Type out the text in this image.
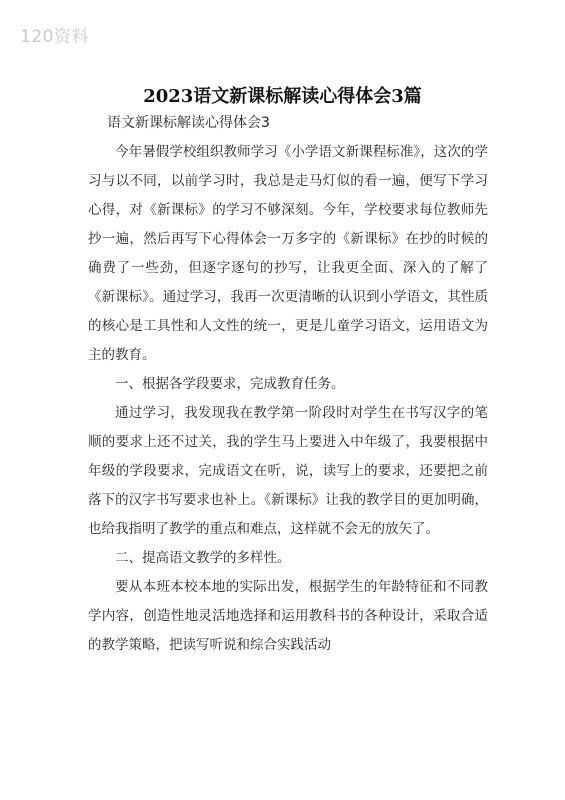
120资料
2023语文新课标解读心得体会3篇
语文新课标解读心得体会3

今年暑假学校组织教师学习《小学语文新课程标准》，这次的学习与以不同，以前学习时，我总是走马灯似的看一遍，便写下学习心得，对《新课标》的学习不够深刻。今年，学校要求每位教师先抄一遍，然后再写下心得体会一万多字的《新课标》在抄的时候的确费了一些劲，但逐字逐句的抄写，让我更全面、深入的了解了《新课标》。通过学习，我再一次更清晰的认识到小学语文，其性质的核心是工具性和人文性的统一，更是儿童学习语文，运用语文为主的教育。

一、根据各学段要求，完成教育任务。

通过学习，我发现我在教学第一阶段时对学生在书写汉字的笔顺的要求上还不过关，我的学生马上要进入中年级了，我要根据中年级的学段要求，完成语文在听，说，读写上的要求，还要把之前落下的汉字书写要求也补上。《新课标》让我的教学目的更加明确，也给我指明了教学的重点和难点，这样就不会无的放矢了。

二、提高语文教学的多样性。

要从本班本校本地的实际出发，根据学生的年龄特征和不同教学内容，创造性地灵活地选择和运用教科书的各种设计，采取合适的教学策略，把读写听说和综合实践活动
